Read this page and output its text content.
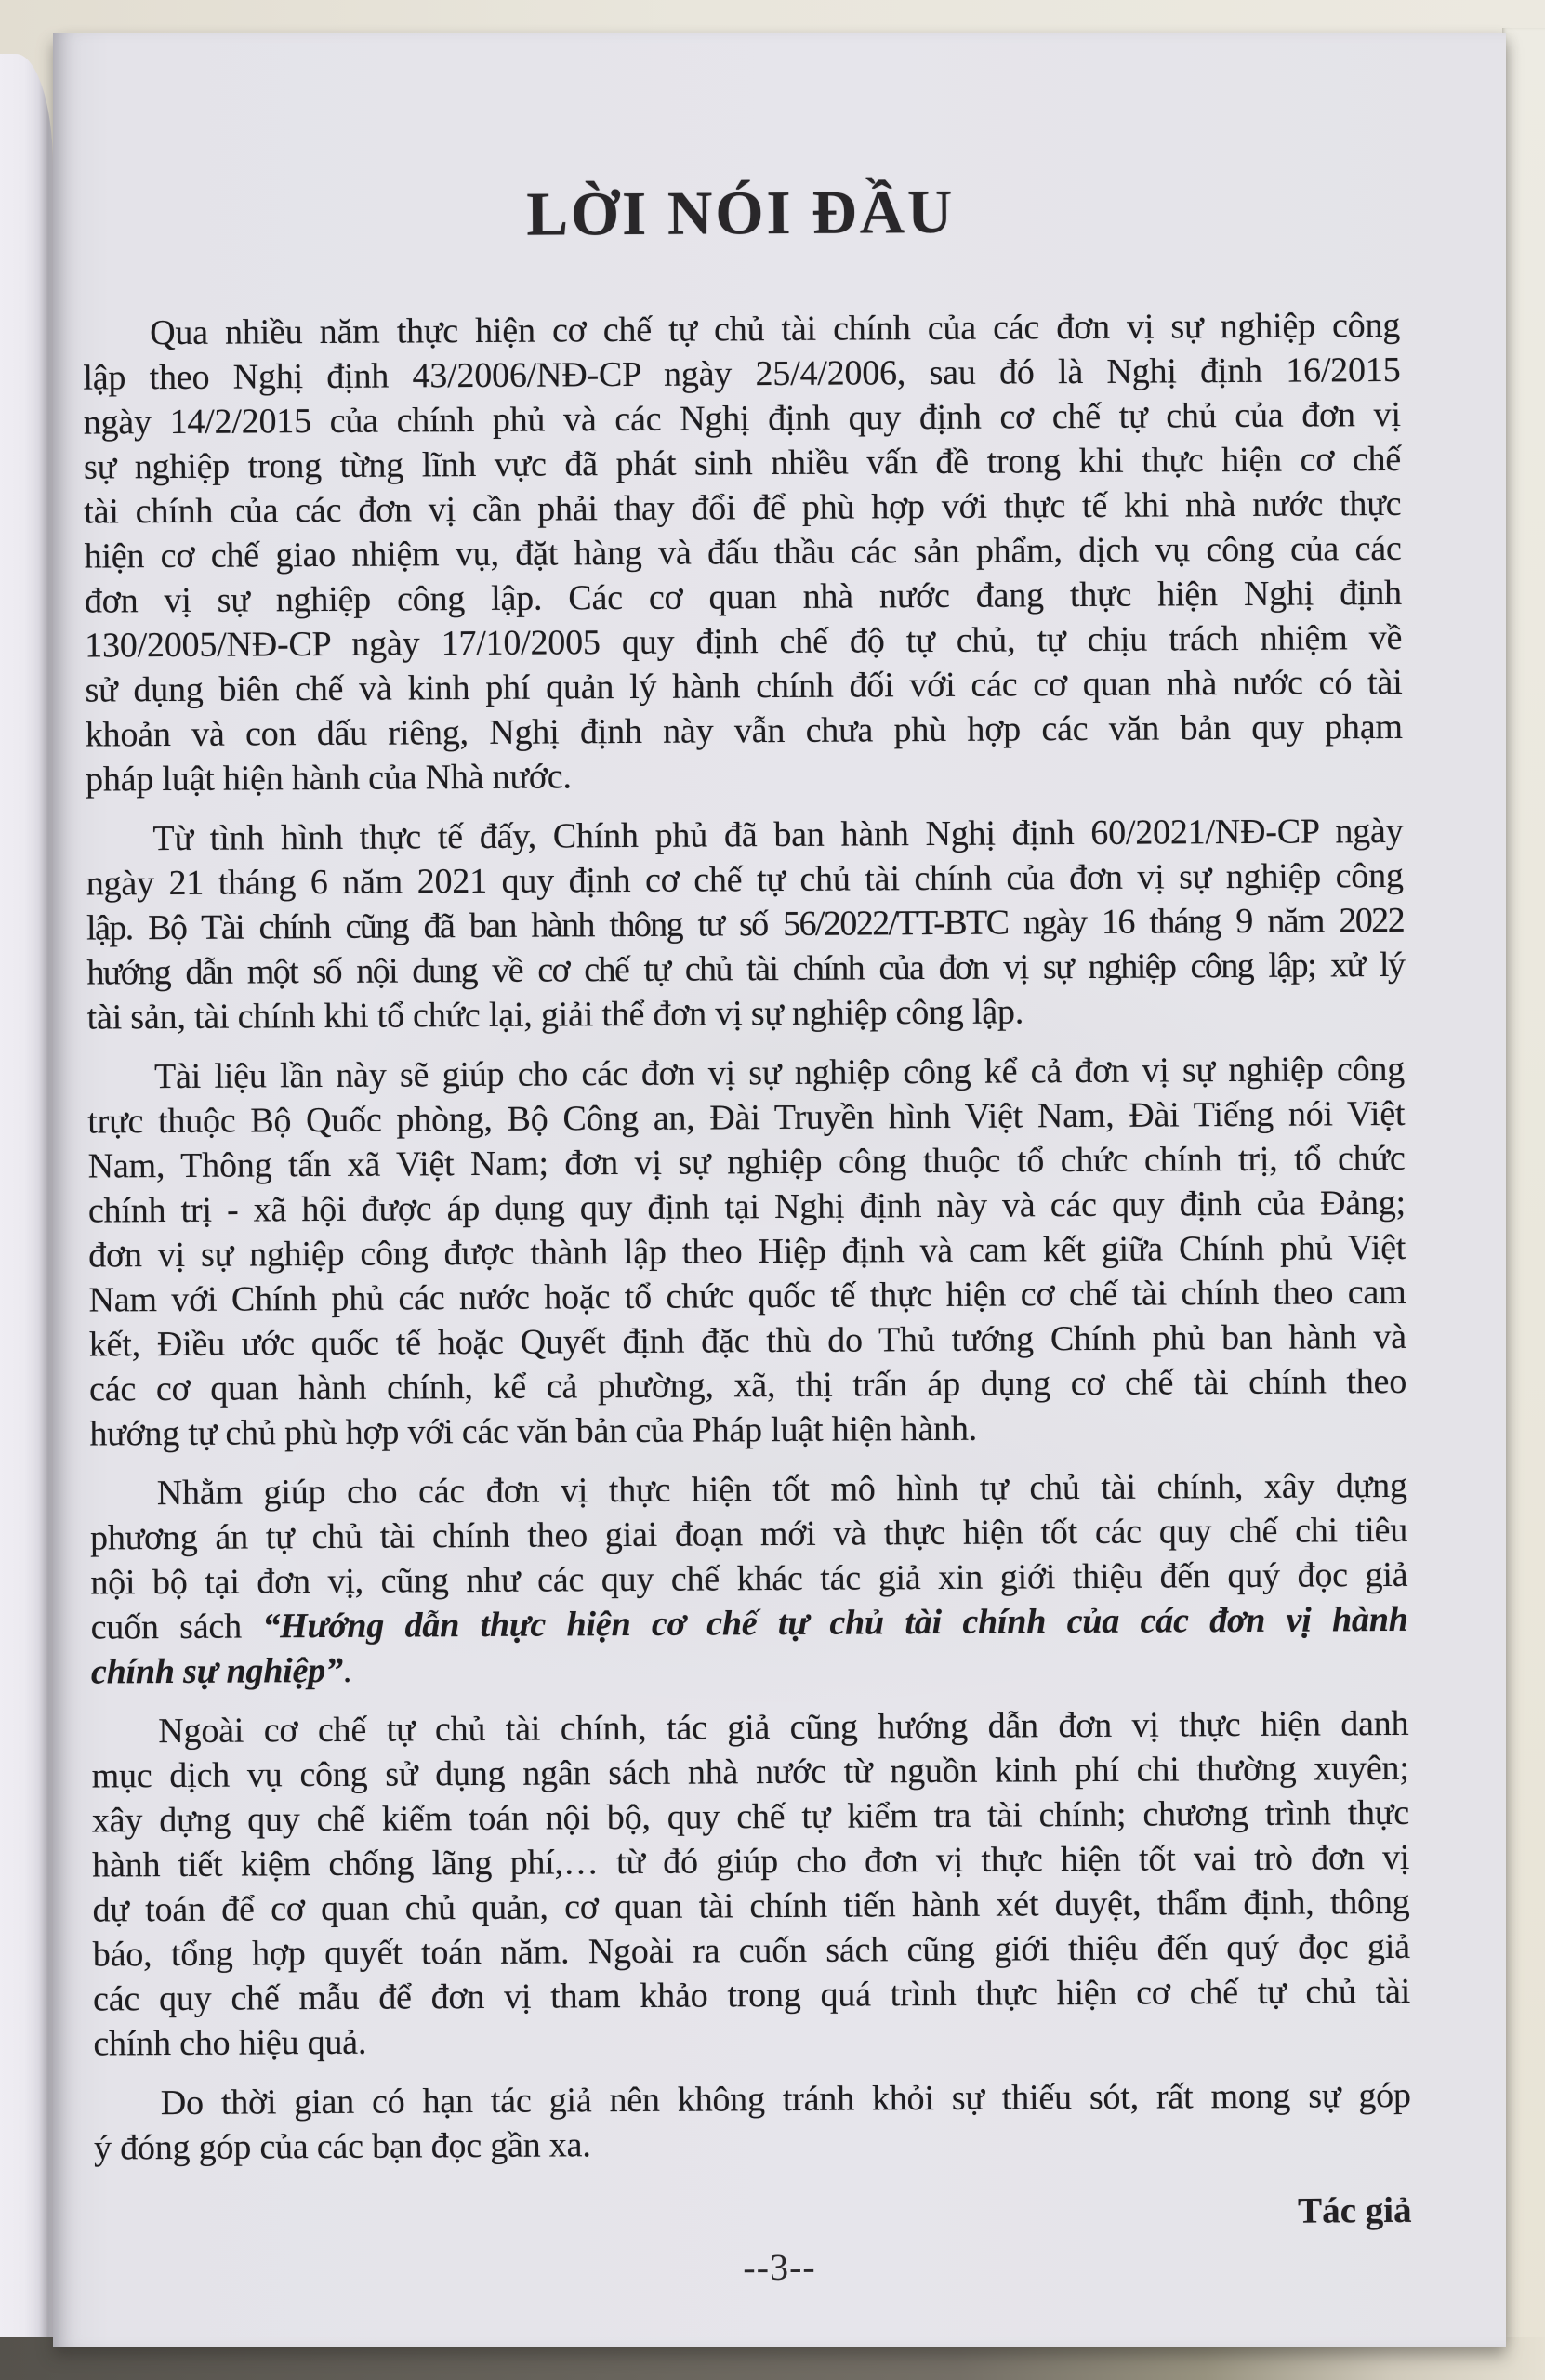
LỜI NÓI ĐẦU
Qua nhiều năm thực hiện cơ chế tự chủ tài chính của các đơn vị sự nghiệp công
lập theo Nghị định 43/2006/NĐ-CP ngày 25/4/2006, sau đó là Nghị định 16/2015
ngày 14/2/2015 của chính phủ và các Nghị định quy định cơ chế tự chủ của đơn vị
sự nghiệp trong từng lĩnh vực đã phát sinh nhiều vấn đề trong khi thực hiện cơ chế
tài chính của các đơn vị cần phải thay đổi để phù hợp với thực tế khi nhà nước thực
hiện cơ chế giao nhiệm vụ, đặt hàng và đấu thầu các sản phẩm, dịch vụ công của các
đơn vị sự nghiệp công lập. Các cơ quan nhà nước đang thực hiện Nghị định
130/2005/NĐ-CP ngày 17/10/2005 quy định chế độ tự chủ, tự chịu trách nhiệm về
sử dụng biên chế và kinh phí quản lý hành chính đối với các cơ quan nhà nước có tài
khoản và con dấu riêng, Nghị định này vẫn chưa phù hợp các văn bản quy phạm
pháp luật hiện hành của Nhà nước.
Từ tình hình thực tế đấy, Chính phủ đã ban hành Nghị định 60/2021/NĐ-CP ngày
ngày 21 tháng 6 năm 2021 quy định cơ chế tự chủ tài chính của đơn vị sự nghiệp công
lập. Bộ Tài chính cũng đã ban hành thông tư số 56/2022/TT-BTC ngày 16 tháng 9 năm 2022
hướng dẫn một số nội dung về cơ chế tự chủ tài chính của đơn vị sự nghiệp công lập; xử lý
tài sản, tài chính khi tổ chức lại, giải thể đơn vị sự nghiệp công lập.
Tài liệu lần này sẽ giúp cho các đơn vị sự nghiệp công kể cả đơn vị sự nghiệp công
trực thuộc Bộ Quốc phòng, Bộ Công an, Đài Truyền hình Việt Nam, Đài Tiếng nói Việt
Nam, Thông tấn xã Việt Nam; đơn vị sự nghiệp công thuộc tổ chức chính trị, tổ chức
chính trị - xã hội được áp dụng quy định tại Nghị định này và các quy định của Đảng;
đơn vị sự nghiệp công được thành lập theo Hiệp định và cam kết giữa Chính phủ Việt
Nam với Chính phủ các nước hoặc tổ chức quốc tế thực hiện cơ chế tài chính theo cam
kết, Điều ước quốc tế hoặc Quyết định đặc thù do Thủ tướng Chính phủ ban hành và
các cơ quan hành chính, kể cả phường, xã, thị trấn áp dụng cơ chế tài chính theo
hướng tự chủ phù hợp với các văn bản của Pháp luật hiện hành.
Nhằm giúp cho các đơn vị thực hiện tốt mô hình tự chủ tài chính, xây dựng
phương án tự chủ tài chính theo giai đoạn mới và thực hiện tốt các quy chế chi tiêu
nội bộ tại đơn vị, cũng như các quy chế khác tác giả xin giới thiệu đến quý đọc giả
cuốn sách “Hướng dẫn thực hiện cơ chế tự chủ tài chính của các đơn vị hành
chính sự nghiệp”.
Ngoài cơ chế tự chủ tài chính, tác giả cũng hướng dẫn đơn vị thực hiện danh
mục dịch vụ công sử dụng ngân sách nhà nước từ nguồn kinh phí chi thường xuyên;
xây dựng quy chế kiểm toán nội bộ, quy chế tự kiểm tra tài chính; chương trình thực
hành tiết kiệm chống lãng phí,… từ đó giúp cho đơn vị thực hiện tốt vai trò đơn vị
dự toán để cơ quan chủ quản, cơ quan tài chính tiến hành xét duyệt, thẩm định, thông
báo, tổng hợp quyết toán năm. Ngoài ra cuốn sách cũng giới thiệu đến quý đọc giả
các quy chế mẫu để đơn vị tham khảo trong quá trình thực hiện cơ chế tự chủ tài
chính cho hiệu quả.
Do thời gian có hạn tác giả nên không tránh khỏi sự thiếu sót, rất mong sự góp
ý đóng góp của các bạn đọc gần xa.
Tác giả
--3--
